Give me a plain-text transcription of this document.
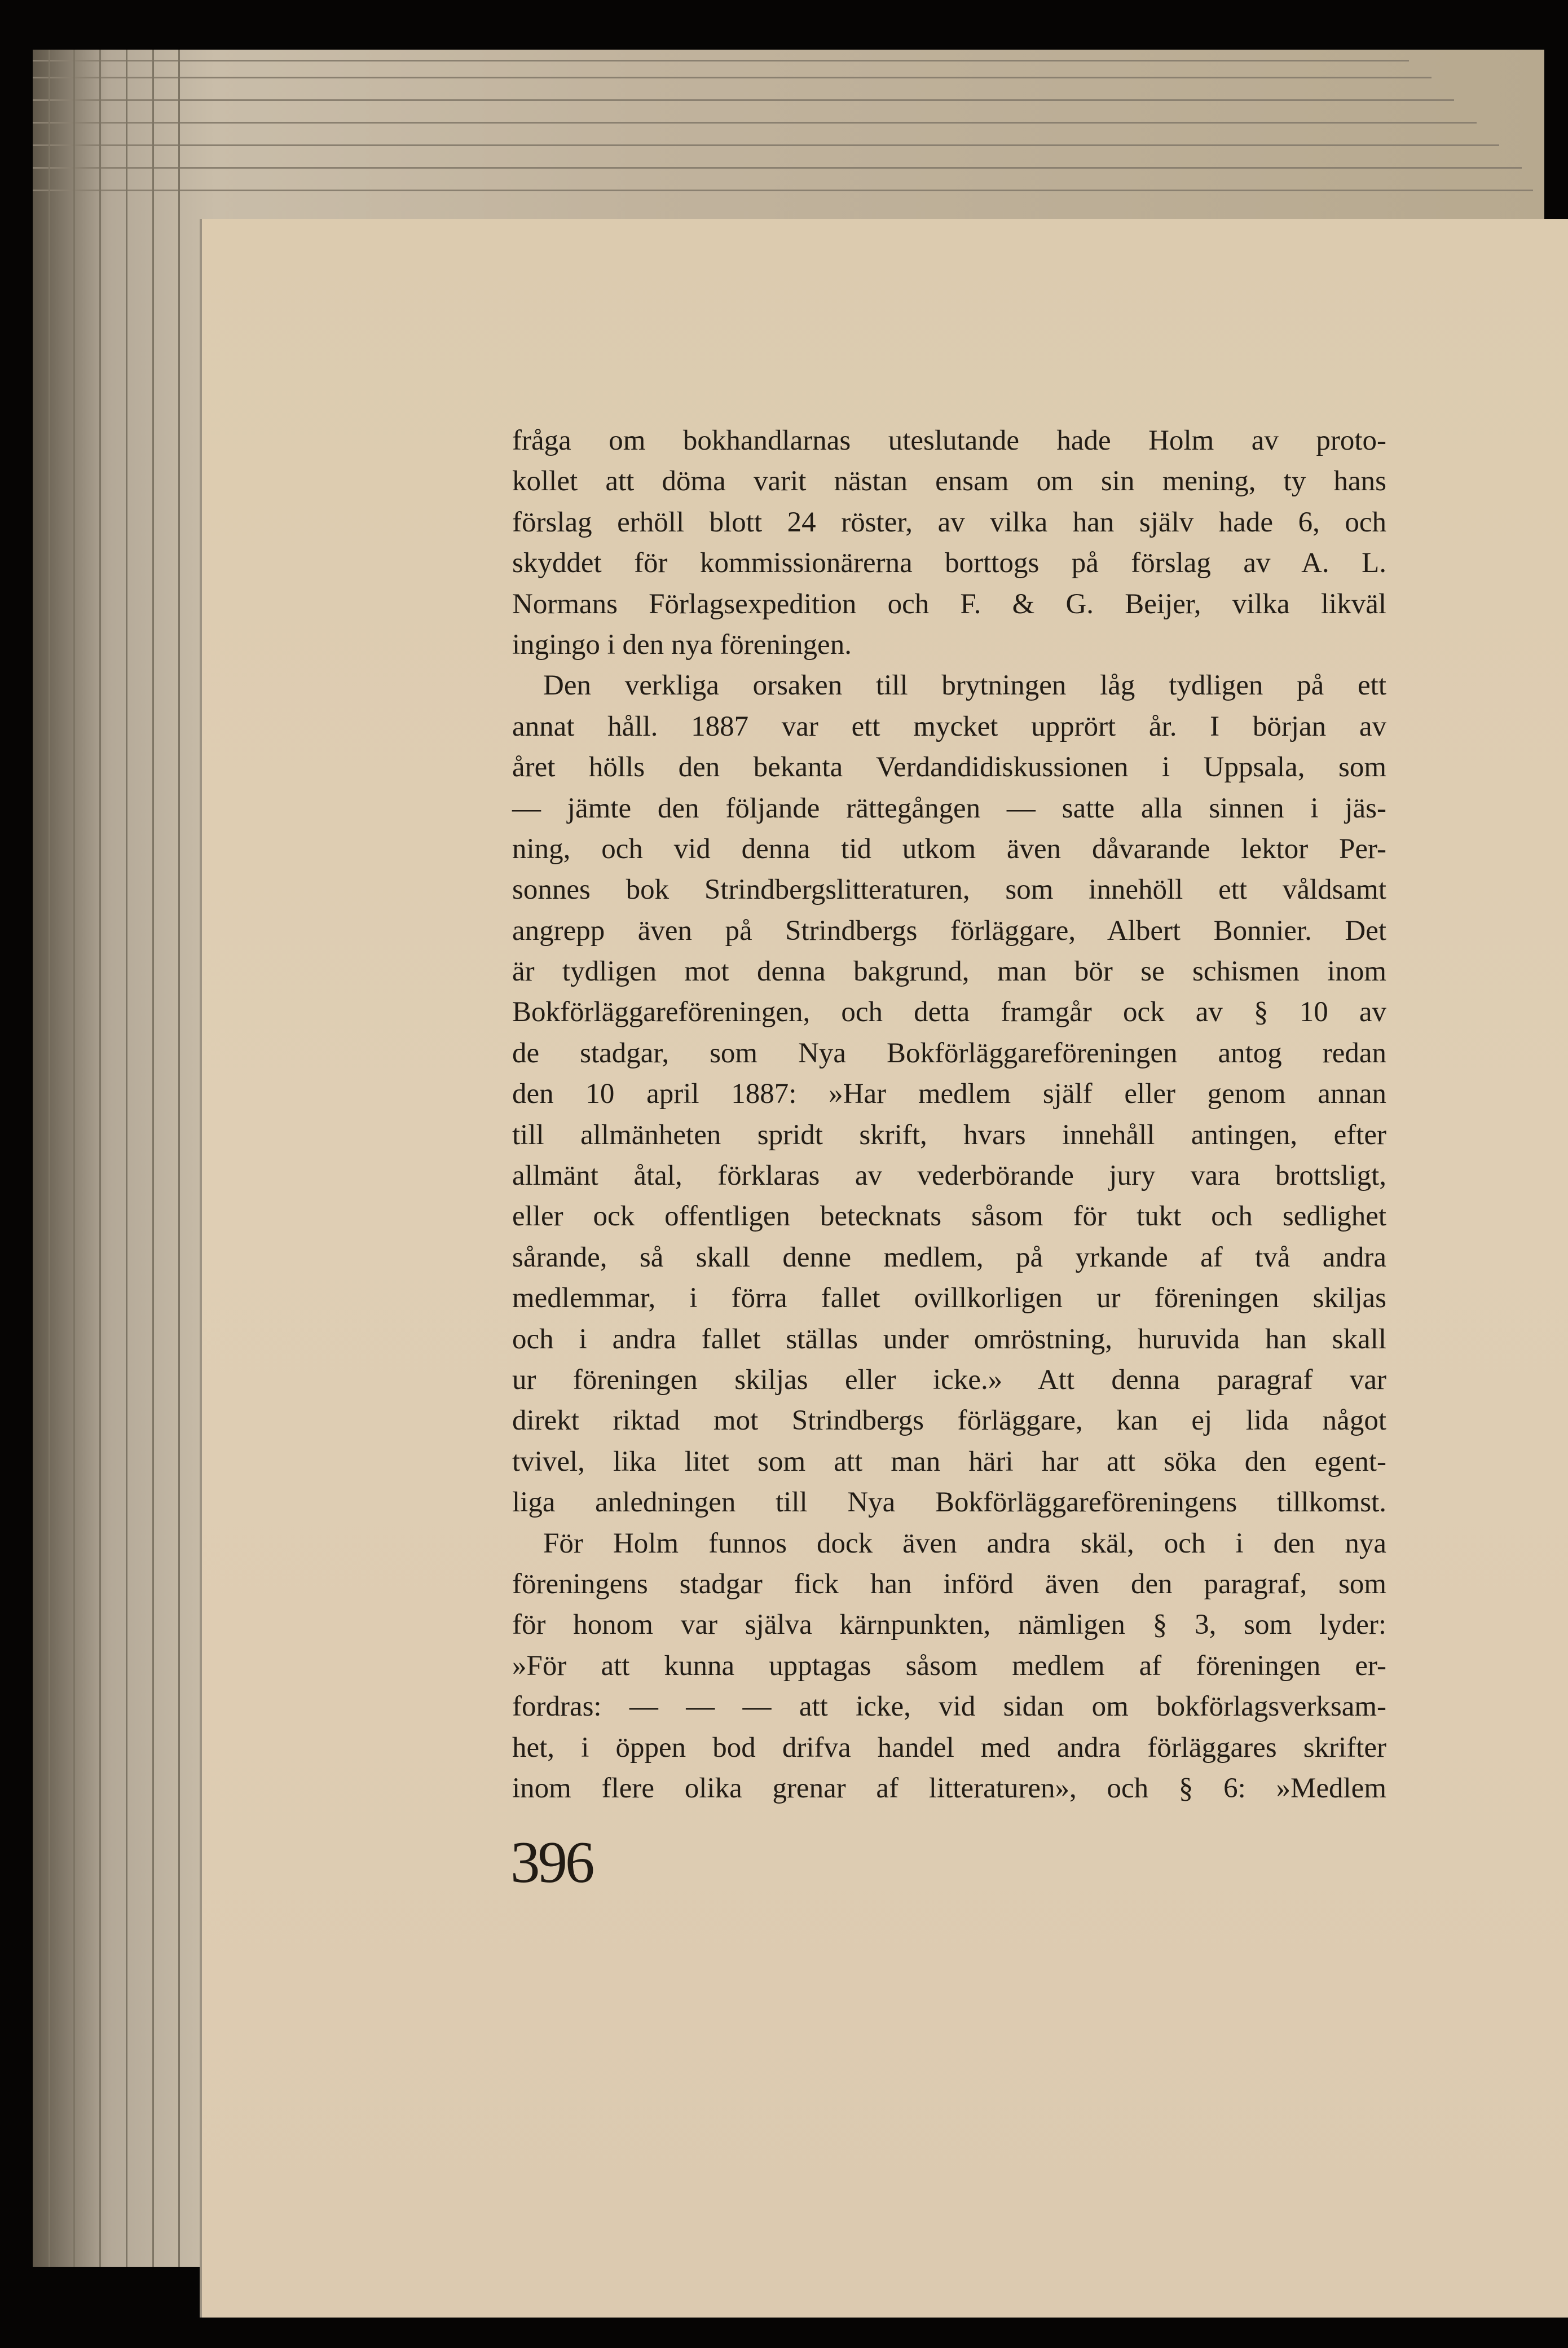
fråga om bokhandlarnas uteslutande hade Holm av proto-
kollet att döma varit nästan ensam om sin mening, ty hans
förslag erhöll blott 24 röster, av vilka han själv hade 6, och
skyddet för kommissionärerna borttogs på förslag av A. L.
Normans Förlagsexpedition och F. & G. Beijer, vilka likväl
ingingo i den nya föreningen.
Den verkliga orsaken till brytningen låg tydligen på ett
annat håll. 1887 var ett mycket upprört år. I början av
året hölls den bekanta Verdandidiskussionen i Uppsala, som
— jämte den följande rättegången — satte alla sinnen i jäs-
ning, och vid denna tid utkom även dåvarande lektor Per-
sonnes bok Strindbergslitteraturen, som innehöll ett våldsamt
angrepp även på Strindbergs förläggare, Albert Bonnier. Det
är tydligen mot denna bakgrund, man bör se schismen inom
Bokförläggareföreningen, och detta framgår ock av § 10 av
de stadgar, som Nya Bokförläggareföreningen antog redan
den 10 april 1887: »Har medlem själf eller genom annan
till allmänheten spridt skrift, hvars innehåll antingen, efter
allmänt åtal, förklaras av vederbörande jury vara brottsligt,
eller ock offentligen betecknats såsom för tukt och sedlighet
sårande, så skall denne medlem, på yrkande af två andra
medlemmar, i förra fallet ovillkorligen ur föreningen skiljas
och i andra fallet ställas under omröstning, huruvida han skall
ur föreningen skiljas eller icke.» Att denna paragraf var
direkt riktad mot Strindbergs förläggare, kan ej lida något
tvivel, lika litet som att man häri har att söka den egent-
liga anledningen till Nya Bokförläggareföreningens tillkomst.
För Holm funnos dock även andra skäl, och i den nya
föreningens stadgar fick han införd även den paragraf, som
för honom var själva kärnpunkten, nämligen § 3, som lyder:
»För att kunna upptagas såsom medlem af föreningen er-
fordras: — — — att icke, vid sidan om bokförlagsverksam-
het, i öppen bod drifva handel med andra förläggares skrifter
inom flere olika grenar af litteraturen», och § 6: »Medlem
396
